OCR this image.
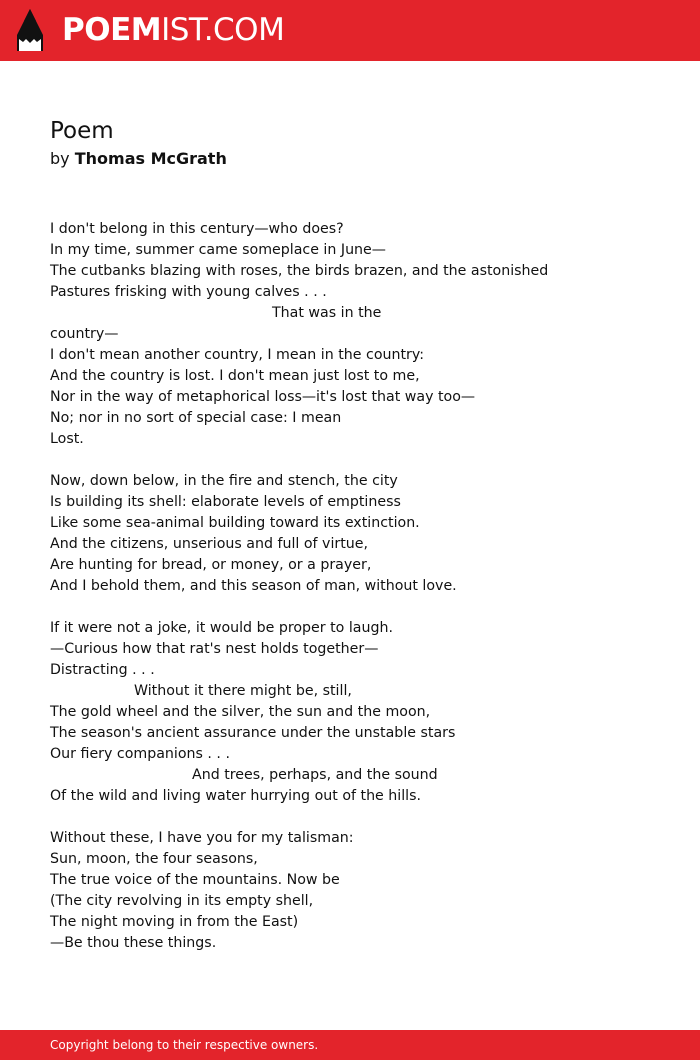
POEMIST.COM
Poem
by Thomas McGrath
I don't belong in this century—who does?
In my time, summer came someplace in June—
The cutbanks blazing with roses, the birds brazen, and the astonished
Pastures frisking with young calves . . .
That was in the
country—
I don't mean another country, I mean in the country:
And the country is lost. I don't mean just lost to me,
Nor in the way of metaphorical loss—it's lost that way too—
No; nor in no sort of special case: I mean
Lost.
Now, down below, in the fire and stench, the city
Is building its shell: elaborate levels of emptiness
Like some sea-animal building toward its extinction.
And the citizens, unserious and full of virtue,
Are hunting for bread, or money, or a prayer,
And I behold them, and this season of man, without love.
If it were not a joke, it would be proper to laugh.
—Curious how that rat's nest holds together—
Distracting . . .
Without it there might be, still,
The gold wheel and the silver, the sun and the moon,
The season's ancient assurance under the unstable stars
Our fiery companions . . .
And trees, perhaps, and the sound
Of the wild and living water hurrying out of the hills.
Without these, I have you for my talisman:
Sun, moon, the four seasons,
The true voice of the mountains. Now be
(The city revolving in its empty shell,
The night moving in from the East)
—Be thou these things.
Copyright belong to their respective owners.
